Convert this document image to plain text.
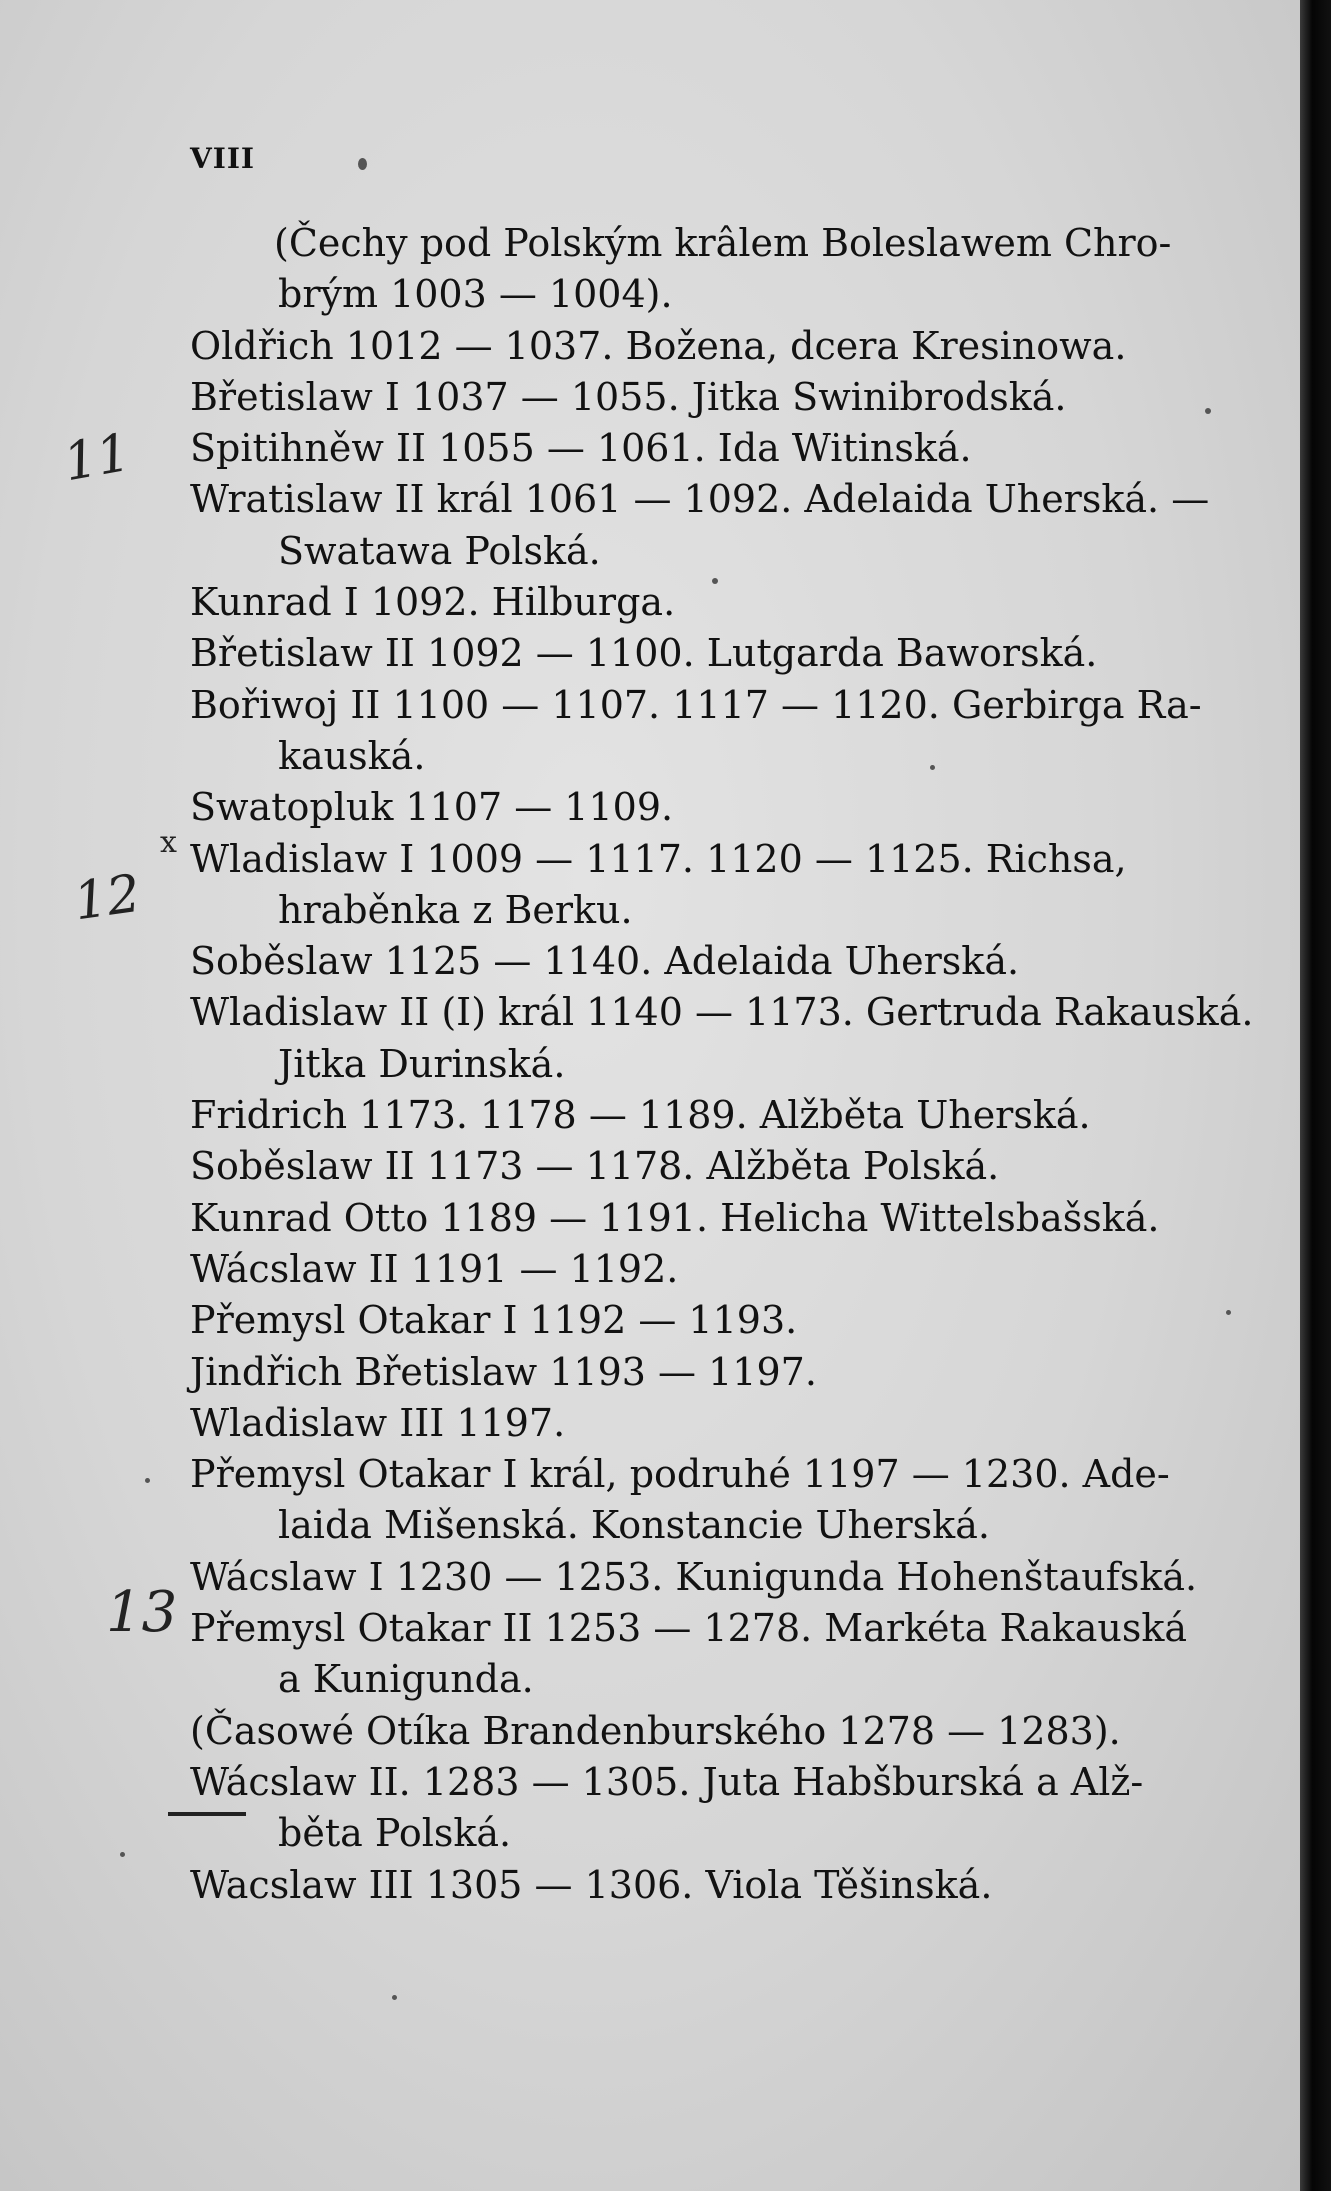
VIII
(Čechy pod Polským krâlem Boleslawem Chro-
brým 1003 — 1004).
Oldřich 1012 — 1037. Božena, dcera Kresinowa.
Břetislaw I 1037 — 1055. Jitka Swinibrodská.
Spitihněw II 1055 — 1061. Ida Witinská.
Wratislaw II král 1061 — 1092. Adelaida Uherská. —
Swatawa Polská.
Kunrad I 1092. Hilburga.
Břetislaw II 1092 — 1100. Lutgarda Baworská.
Bořiwoj II 1100 — 1107. 1117 — 1120. Gerbirga Ra-
kauská.
Swatopluk 1107 — 1109.
Wladislaw I 1009 — 1117. 1120 — 1125. Richsa,
hraběnka z Berku.
Soběslaw 1125 — 1140. Adelaida Uherská.
Wladislaw II (I) král 1140 — 1173. Gertruda Rakauská.
Jitka Durinská.
Fridrich 1173. 1178 — 1189. Alžběta Uherská.
Soběslaw II 1173 — 1178. Alžběta Polská.
Kunrad Otto 1189 — 1191. Helicha Wittelsbašská.
Wácslaw II 1191 — 1192.
Přemysl Otakar I 1192 — 1193.
Jindřich Břetislaw 1193 — 1197.
Wladislaw III 1197.
Přemysl Otakar I král, podruhé 1197 — 1230. Ade-
laida Mišenská. Konstancie Uherská.
Wácslaw I 1230 — 1253. Kunigunda Hohenštaufská.
Přemysl Otakar II 1253 — 1278. Markéta Rakauská
a Kunigunda.
(Časowé Otíka Brandenburského 1278 — 1283).
Wácslaw II. 1283 — 1305. Juta Habšburská a Alž-
běta Polská.
Wacslaw III 1305 — 1306. Viola Těšinská.
11
12
13
x
